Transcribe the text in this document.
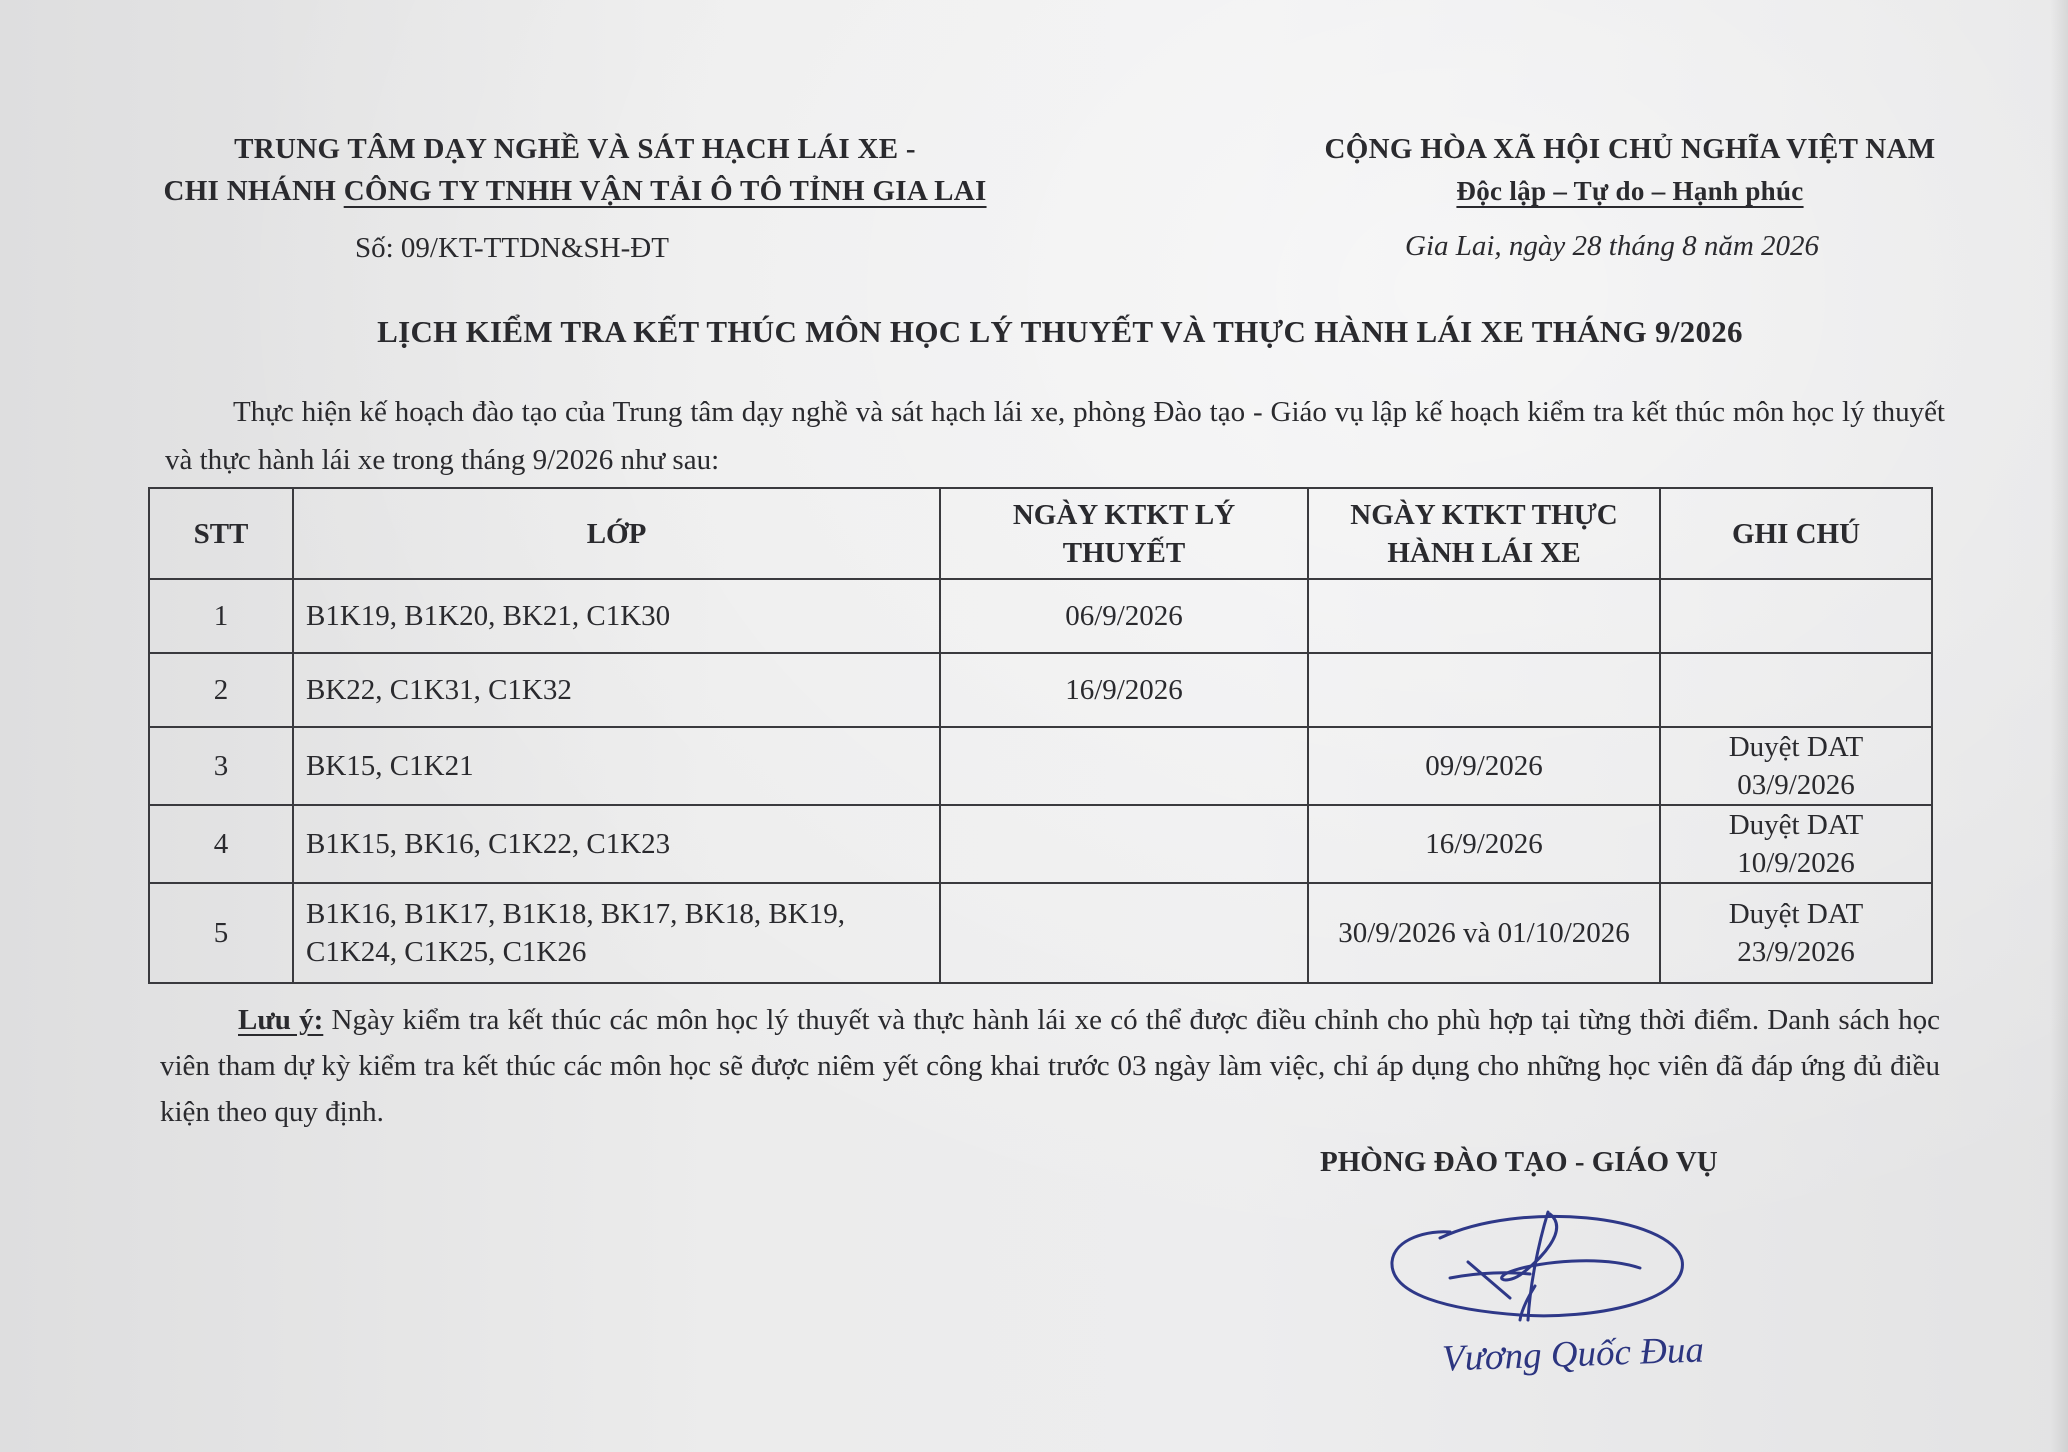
TRUNG TÂM DẠY NGHỀ VÀ SÁT HẠCH LÁI XE -
CHI NHÁNH CÔNG TY TNHH VẬN TẢI Ô TÔ TỈNH GIA LAI
Số: 09/KT-TTDN&SH-ĐT
CỘNG HÒA XÃ HỘI CHỦ NGHĨA VIỆT NAM
Độc lập – Tự do – Hạnh phúc
Gia Lai, ngày 28 tháng 8 năm 2026
LỊCH KIỂM TRA KẾT THÚC MÔN HỌC LÝ THUYẾT VÀ THỰC HÀNH LÁI XE THÁNG 9/2026
Thực hiện kế hoạch đào tạo của Trung tâm dạy nghề và sát hạch lái xe, phòng Đào tạo - Giáo vụ lập kế hoạch kiểm tra kết thúc môn học lý thuyết và thực hành lái xe trong tháng 9/2026 như sau:
STT	LỚP	NGÀY KTKT LÝ THUYẾT	NGÀY KTKT THỰC HÀNH LÁI XE	GHI CHÚ
1	B1K19, B1K20, BK21, C1K30	06/9/2026		
2	BK22, C1K31, C1K32	16/9/2026		
3	BK15, C1K21		09/9/2026	Duyệt DAT 03/9/2026
4	B1K15, BK16, C1K22, C1K23		16/9/2026	Duyệt DAT 10/9/2026
5	B1K16, B1K17, B1K18, BK17, BK18, BK19, C1K24, C1K25, C1K26		30/9/2026 và 01/10/2026	Duyệt DAT 23/9/2026
Lưu ý: Ngày kiểm tra kết thúc các môn học lý thuyết và thực hành lái xe có thể được điều chỉnh cho phù hợp tại từng thời điểm. Danh sách học viên tham dự kỳ kiểm tra kết thúc các môn học sẽ được niêm yết công khai trước 03 ngày làm việc, chỉ áp dụng cho những học viên đã đáp ứng đủ điều kiện theo quy định.
PHÒNG ĐÀO TẠO - GIÁO VỤ
Vương Quốc Đua
